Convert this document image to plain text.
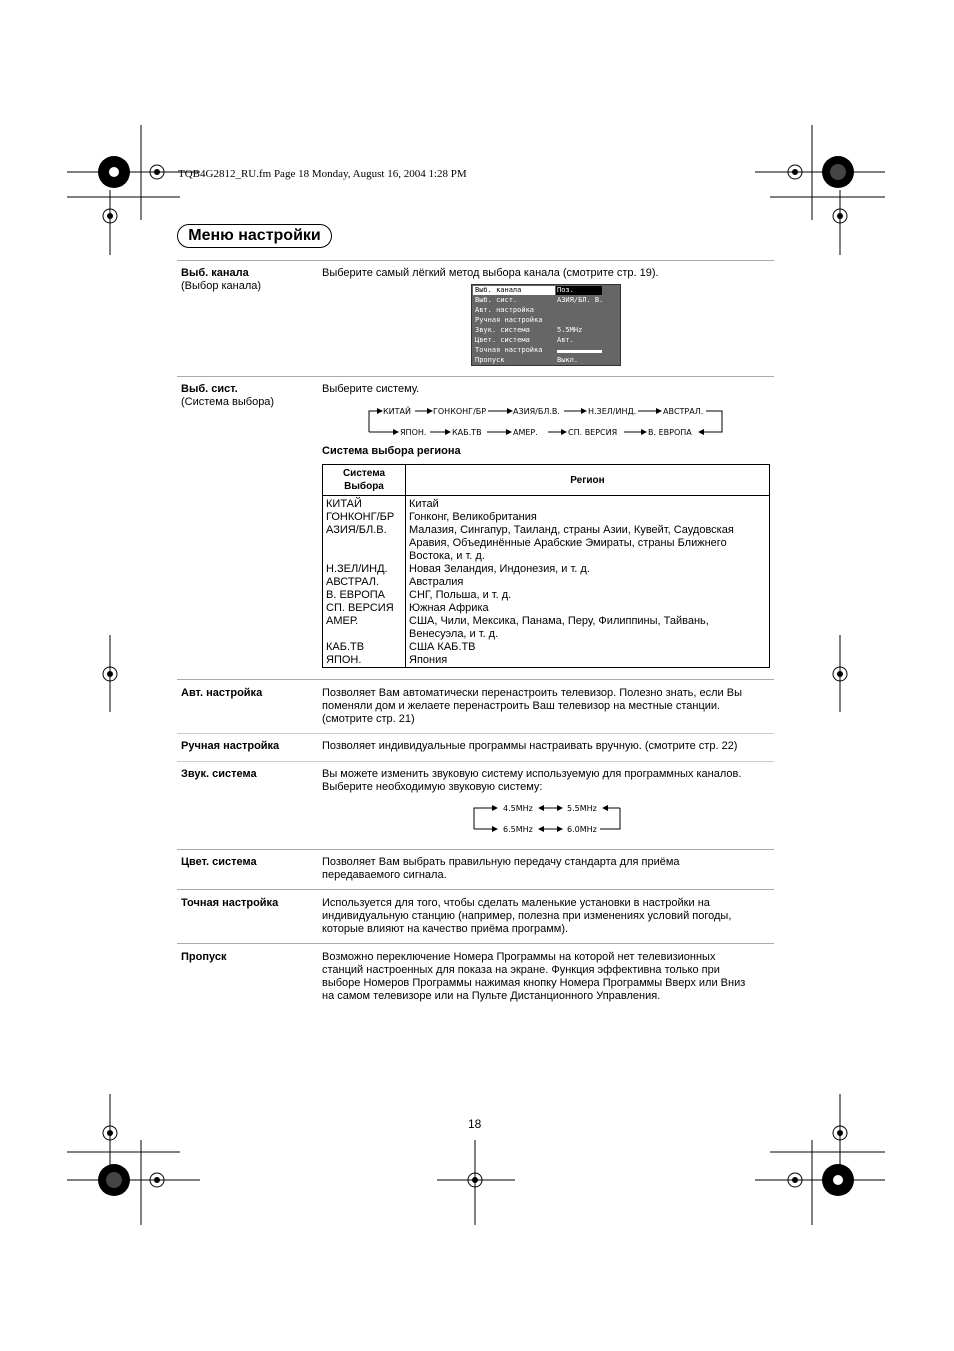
TQB4G2812_RU.fm Page 18 Monday, August 16, 2004 1:28 PM
Меню настройки
Выб. канала
(Выбор канала)
Выберите самый лёгкий метод выбора канала (смотрите стр. 19).
Выб. канала
Выб. сист.
Авт. настройка
Ручная настройка
Звук. система
Цвет. система
Точная настройка
Пропуск
Поз.
АЗИЯ/БЛ. В.
5.5MHz
Авт.
Выкл.
Выб. сист.
(Система выбора)
Выберите систему.
КИТАЙ	ГОНКОНГ/БР	АЗИЯ/БЛ.В.	Н.ЗЕЛ/ИНД.	АВСТРАЛ.
ЯПОН.	КАБ.ТВ	АМЕР.	СП. ВЕРСИЯ	В. ЕВРОПА
Система выбора региона
Система Выбора	Регион
КИТАЙ	Китай

ГОНКОНГ/БР	Гонконг, Великобритания

АЗИЯ/БЛ.В.	Малазия, Сингапур, Таиланд, страны Азии, Кувейт, Саудовская
Аравия, Объединённые Арабские Эмираты, страны Ближнего
Востока, и т. д.

Н.ЗЕЛ/ИНД.	Новая Зеландия, Индонезия, и т. д.

АВСТРАЛ.	Австралия

В. ЕВРОПА	СНГ, Польша, и т. д.

СП. ВЕРСИЯ	Южная Африка

АМЕР.	США, Чили, Мексика, Панама, Перу, Филиппины, Тайвань,
Венесуэла, и т. д.

КАБ.ТВ	США КАБ.ТВ

ЯПОН.	Япония
Авт. настройка	Позволяет Вам автоматически перенастроить телевизор. Полезно знать, если Вы
поменяли дом и желаете перенастроить Ваш телевизор на местные станции.
(смотрите стр. 21)
Ручная настройка	Позволяет индивидуальные программы настраивать вручную. (смотрите стр. 22)
Звук. система	Вы можете изменить звуковую систему используемую для программных каналов.
Выберите необходимую звуковую систему:
4.5MHz	5.5MHz
6.5MHz	6.0MHz
Цвет. система	Позволяет Вам выбрать правильную передачу стандарта для приёма
передаваемого сигнала.
Точная настройка	Используется для того, чтобы сделать маленькие установки в настройки на
индивидуальную станцию (например, полезна при изменениях условий погоды,
которые влияют на качество приёма программ).
Пропуск	Возможно переключение Номера Программы на которой нет телевизионных
станций настроенных для показа на экране. Функция эффективна только при
выборе Номеров Программы нажимая кнопку Номера Программы Вверх или Вниз
на самом телевизоре или на Пульте Дистанционного Управления.
18
